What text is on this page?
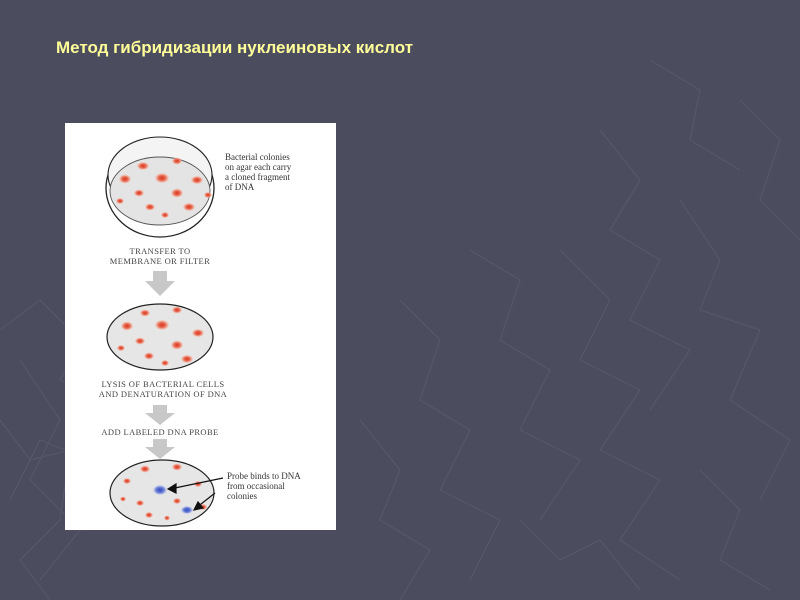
Метод гибридизации нуклеиновых кислот
Bacterial colonies
on agar each carry
a cloned fragment
of DNA
TRANSFER TO
MEMBRANE OR FILTER
LYSIS OF BACTERIAL CELLS
AND DENATURATION OF DNA
ADD LABELED DNA PROBE
Probe binds to DNA
from occasional
colonies
